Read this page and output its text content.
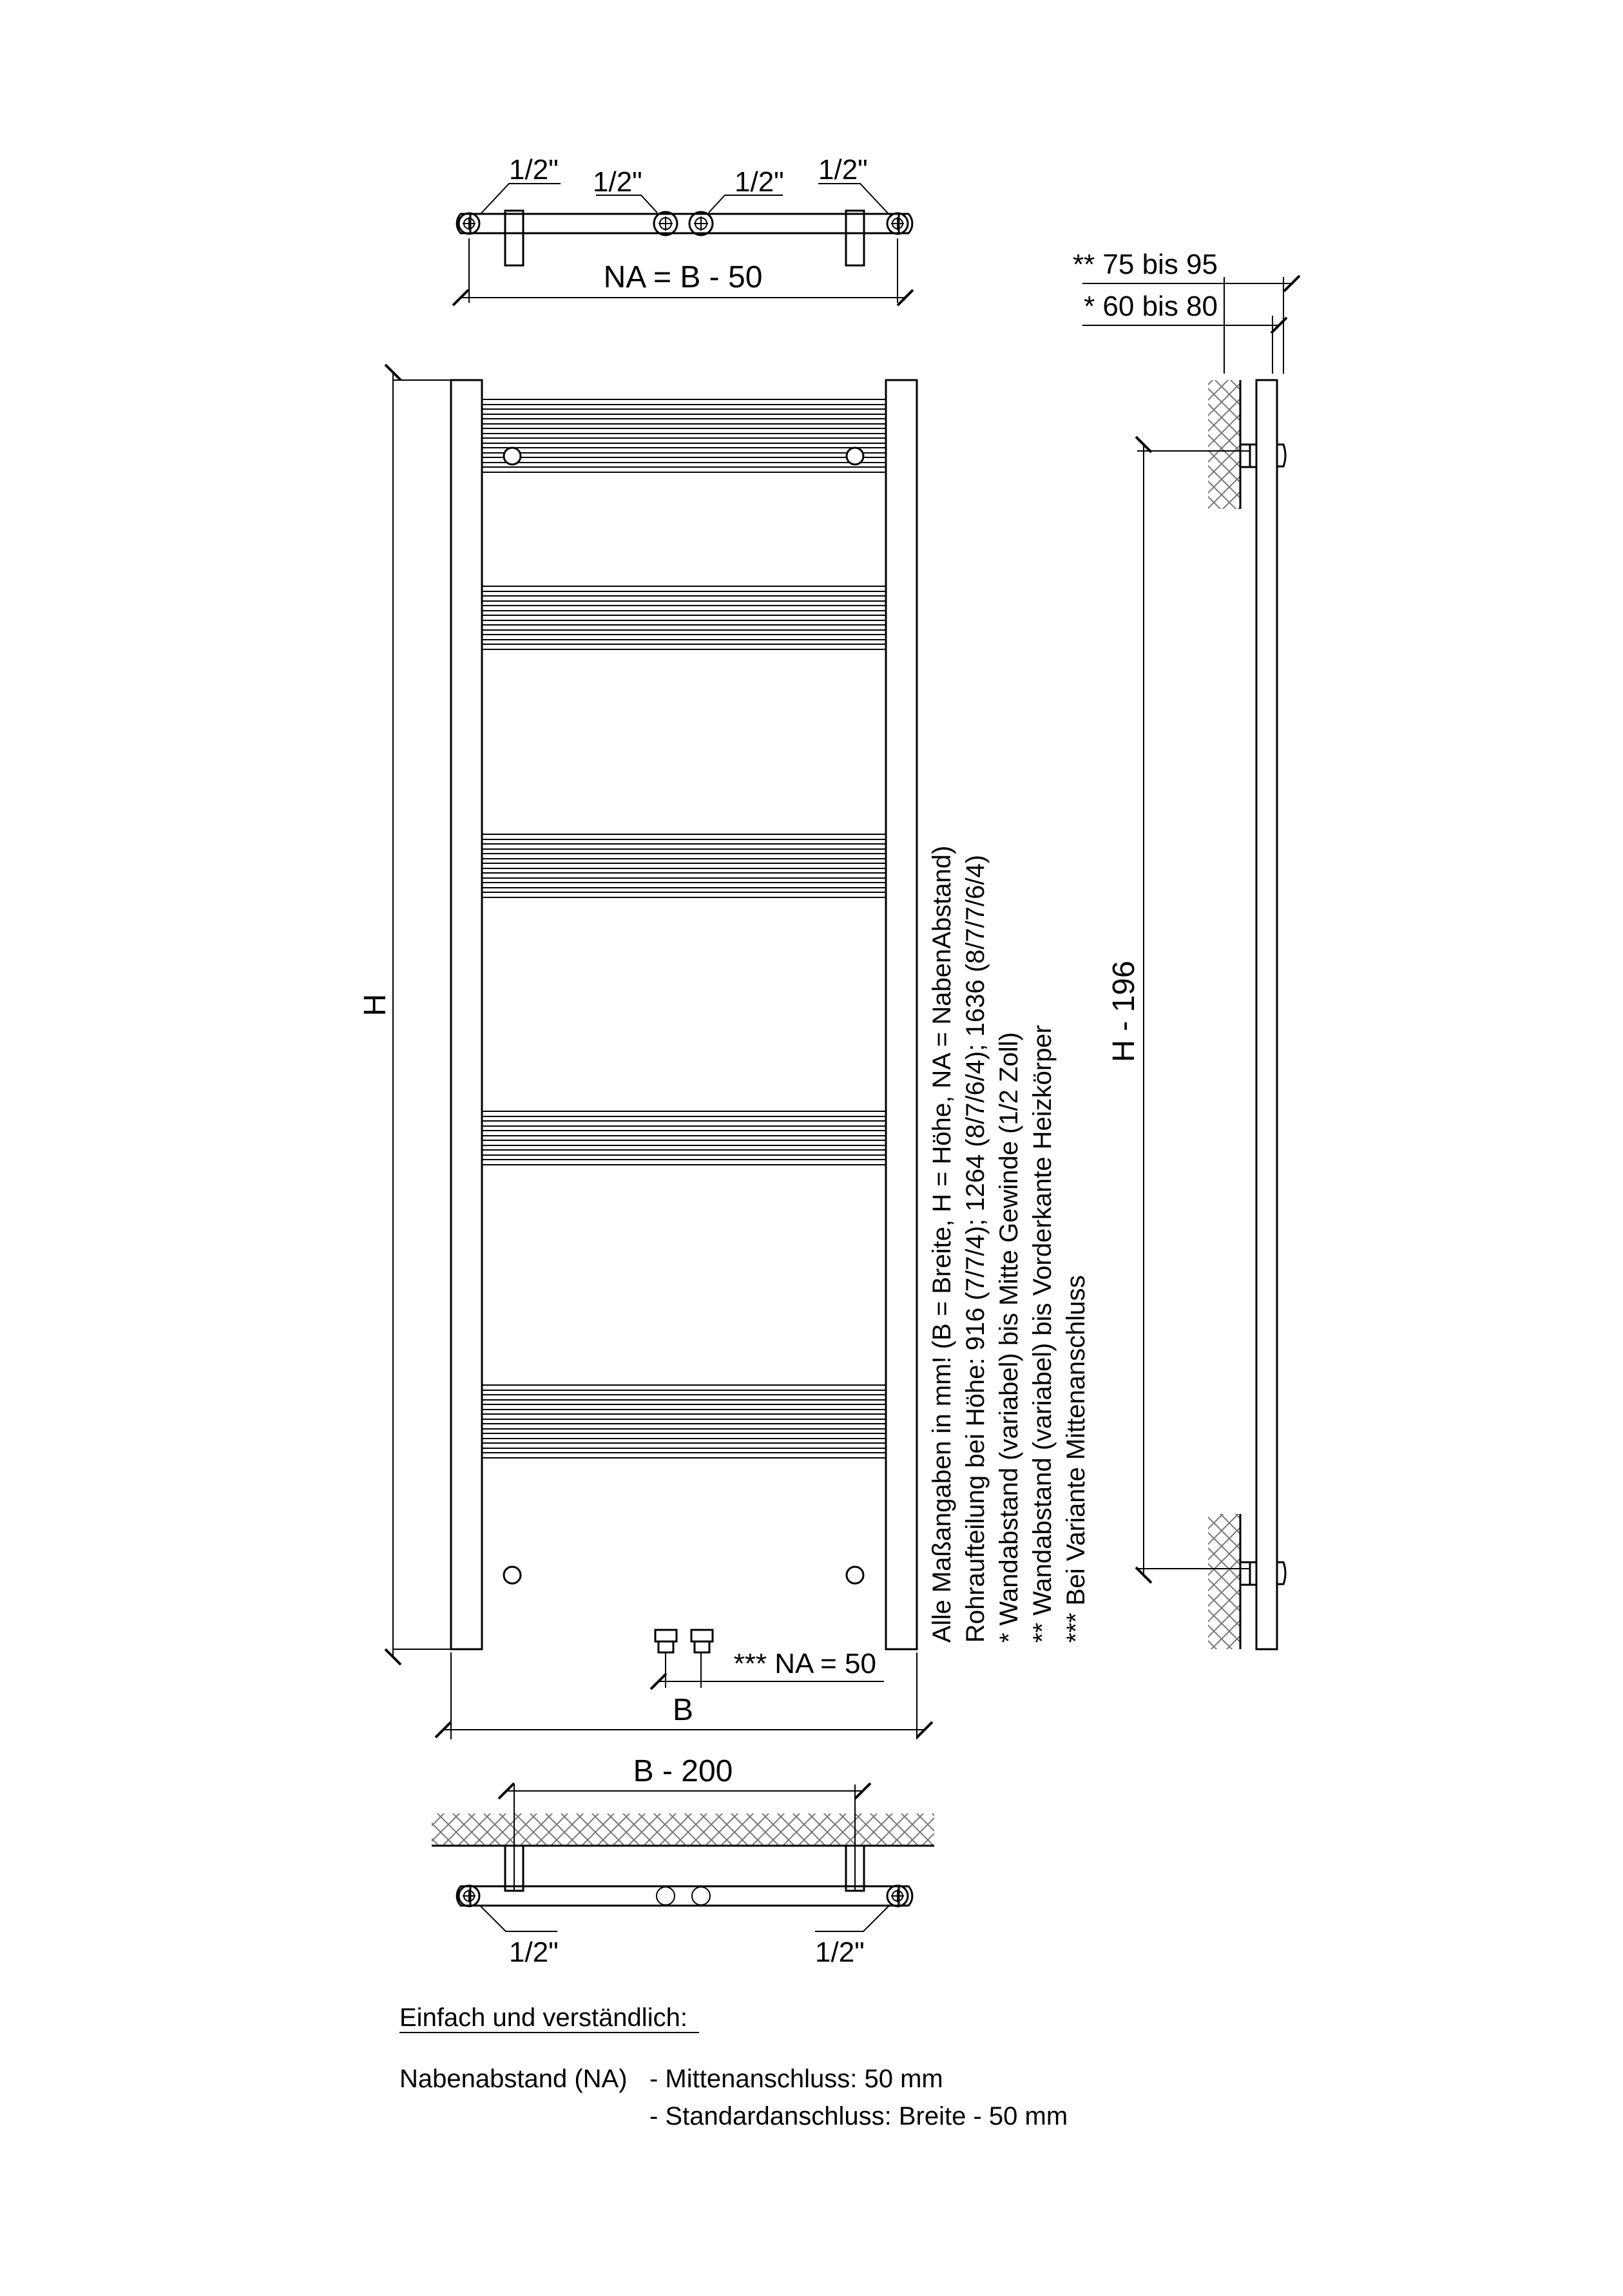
1/2" 1/2"	1/2" 1/2"
NA = B - 50
H
B
*** NA = 50
Alle Maßangaben in mm! (B = Breite, H = Höhe, NA = NabenAbstand) Rohraufteilung bei Höhe: 916 (7/7/4); 1264 (8/7/6/4); 1636 (8/7/7/6/4) * Wandabstand (variabel) bis Mitte Gewinde (1/2 Zoll) ** Wandabstand (variabel) bis Vorderkante Heizkörper *** Bei Variante Mittenanschluss
H - 196
** 75 bis 95
* 60 bis 80
B - 200
1/2"	1/2"
Einfach und verständlich:
Nabenabstand (NA) - Mittenanschluss: 50 mm
- Standardanschluss: Breite - 50 mm
